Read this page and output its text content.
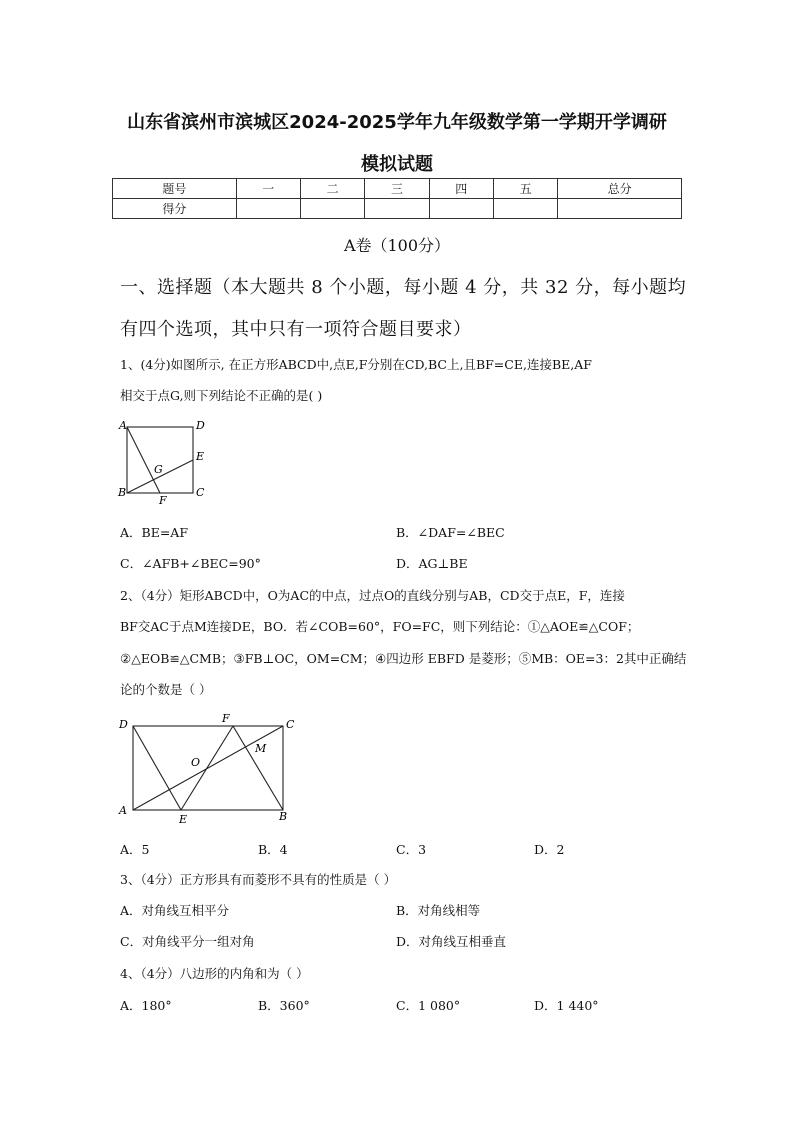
山东省滨州市滨城区2024-2025学年九年级数学第一学期开学调研
模拟试题
题号	一	二	三	四	五	总分
得分						
A卷（100分）
一、选择题（本大题共 8 个小题，每小题 4 分，共 32 分，每小题均
有四个选项，其中只有一项符合题目要求）
1、(4分)如图所示, 在正方形ABCD中,点E,F分别在CD,BC上,且BF=CE,连接BE,AF
相交于点G,则下列结论不正确的是( )
A	D
E
G
B
F
C
A．BE=AF	B．∠DAF=∠BEC
C．∠AFB+∠BEC=90°	D．AG⊥BE
2、（4分）矩形ABCD中，O为AC的中点，过点O的直线分别与AB，CD交于点E，F，连接
BF交AC于点M连接DE，BO．若∠COB=60°，FO=FC，则下列结论：①△AOE≌△COF；
②△EOB≌△CMB；③FB⊥OC，OM=CM；④四边形 EBFD 是菱形；⑤MB：OE=3：2其中正确结
论的个数是（ ）
D	F	C
M
O
A
E	B
A．5	B．4	C．3	D．2
3、（4分）正方形具有而菱形不具有的性质是（ ）
A．对角线互相平分	B．对角线相等
C．对角线平分一组对角	D．对角线互相垂直
4、（4分）八边形的内角和为（ ）
A．180°	B．360°	C．1 080°	D．1 440°
